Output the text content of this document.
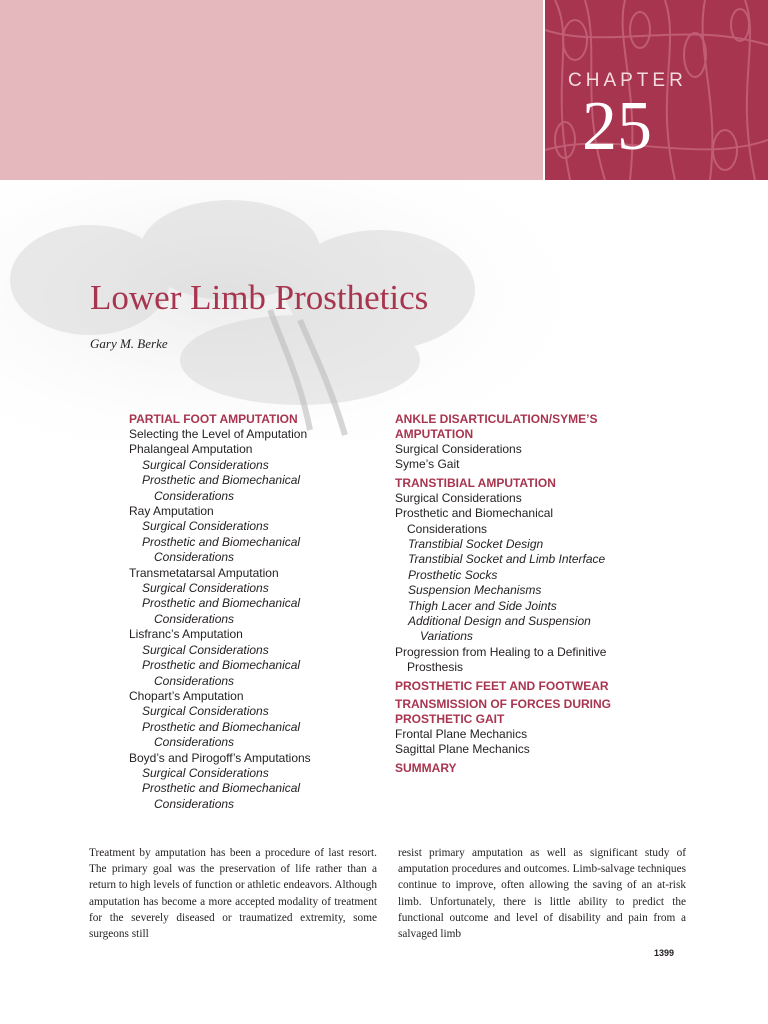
CHAPTER
25
Lower Limb Prosthetics
Gary M. Berke
PARTIAL FOOT AMPUTATION
Selecting the Level of Amputation
Phalangeal Amputation
Surgical Considerations
Prosthetic and Biomechanical
Considerations
Ray Amputation
Surgical Considerations
Prosthetic and Biomechanical
Considerations
Transmetatarsal Amputation
Surgical Considerations
Prosthetic and Biomechanical
Considerations
Lisfranc’s Amputation
Surgical Considerations
Prosthetic and Biomechanical
Considerations
Chopart’s Amputation
Surgical Considerations
Prosthetic and Biomechanical
Considerations
Boyd’s and Pirogoff’s Amputations
Surgical Considerations
Prosthetic and Biomechanical
Considerations
ANKLE DISARTICULATION/SYME’S
AMPUTATION
Surgical Considerations
Syme’s Gait
TRANSTIBIAL AMPUTATION
Surgical Considerations
Prosthetic and Biomechanical
Considerations
Transtibial Socket Design
Transtibial Socket and Limb Interface
Prosthetic Socks
Suspension Mechanisms
Thigh Lacer and Side Joints
Additional Design and Suspension
Variations
Progression from Healing to a Definitive
Prosthesis
PROSTHETIC FEET AND FOOTWEAR
TRANSMISSION OF FORCES DURING
PROSTHETIC GAIT
Frontal Plane Mechanics
Sagittal Plane Mechanics
SUMMARY
Treatment by amputation has been a procedure of last resort. The primary goal was the preservation of life rather than a return to high levels of function or athletic endeavors. Although amputation has become a more accepted modality of treatment for the severely diseased or traumatized extremity, some surgeons still
resist primary amputation as well as significant study of amputation procedures and outcomes. Limb-salvage techniques continue to improve, often allowing the saving of an at-risk limb. Unfortunately, there is little ability to predict the functional outcome and level of disability and pain from a salvaged limb
1399
